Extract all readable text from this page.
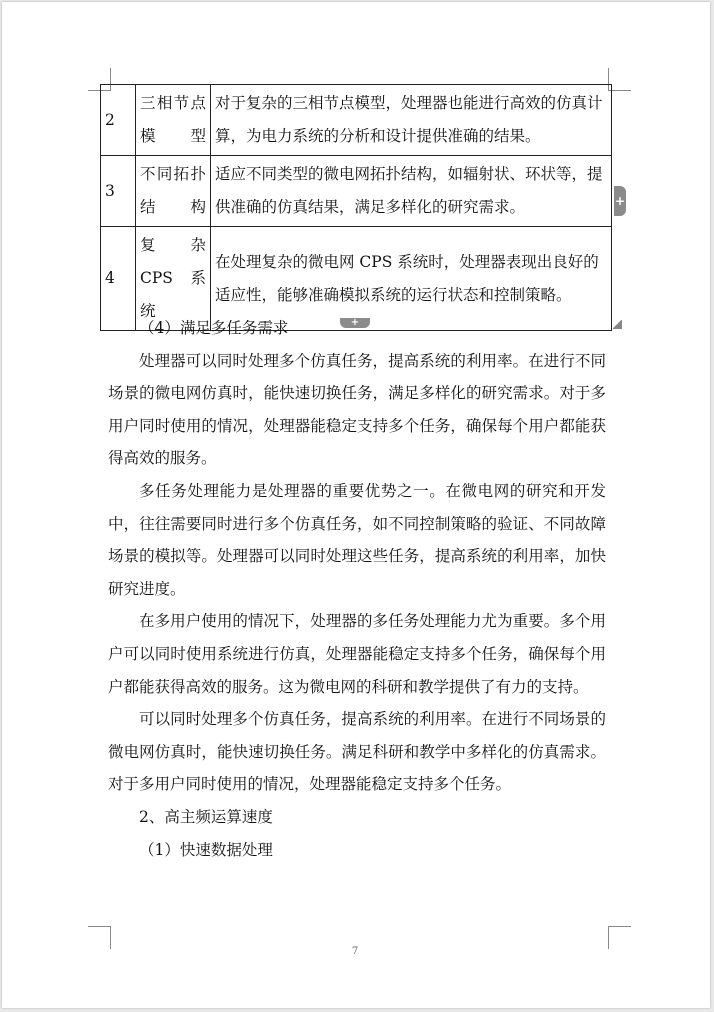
2	三相节点模型	对于复杂的三相节点模型，处理器也能进行高效的仿真计算，为电力系统的分析和设计提供准确的结果。
3	不同拓扑结构	适应不同类型的微电网拓扑结构，如辐射状、环状等，提供准确的仿真结果，满足多样化的研究需求。
4	复杂 CPS 系统	在处理复杂的微电网 CPS 系统时，处理器表现出良好的适应性，能够准确模拟系统的运行状态和控制策略。
+
+

（4）满足多任务需求

处理器可以同时处理多个仿真任务，提高系统的利用率。在进行不同场景的微电网仿真时，能快速切换任务，满足多样化的研究需求。对于多用户同时使用的情况，处理器能稳定支持多个任务，确保每个用户都能获得高效的服务。

多任务处理能力是处理器的重要优势之一。在微电网的研究和开发中，往往需要同时进行多个仿真任务，如不同控制策略的验证、不同故障场景的模拟等。处理器可以同时处理这些任务，提高系统的利用率，加快研究进度。

在多用户使用的情况下，处理器的多任务处理能力尤为重要。多个用户可以同时使用系统进行仿真，处理器能稳定支持多个任务，确保每个用户都能获得高效的服务。这为微电网的科研和教学提供了有力的支持。

可以同时处理多个仿真任务，提高系统的利用率。在进行不同场景的微电网仿真时，能快速切换任务。满足科研和教学中多样化的仿真需求。对于多用户同时使用的情况，处理器能稳定支持多个任务。

2、高主频运算速度

（1）快速数据处理

7
